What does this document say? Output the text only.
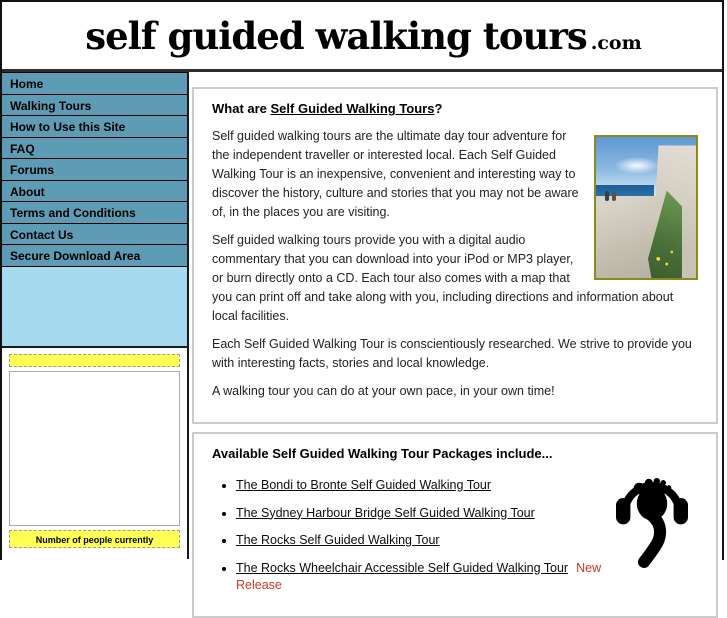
self guided walking tours .com
Home
Walking Tours
How to Use this Site
FAQ
Forums
About
Terms and Conditions
Contact Us
Secure Download Area
Number of people currently
What are Self Guided Walking Tours?

Self guided walking tours are the ultimate day tour adventure for the independent traveller or interested local. Each Self Guided Walking Tour is an inexpensive, convenient and interesting way to discover the history, culture and stories that you may not be aware of, in the places you are visiting.

Self guided walking tours provide you with a digital audio commentary that you can download into your iPod or MP3 player, or burn directly onto a CD. Each tour also comes with a map that you can print off and take along with you, including directions and information about local facilities.

Each Self Guided Walking Tour is conscientiously researched. We strive to provide you with interesting facts, stories and local knowledge.

A walking tour you can do at your own pace, in your own time!

Available Self Guided Walking Tour Packages include...
• The Bondi to Bronte Self Guided Walking Tour
• The Sydney Harbour Bridge Self Guided Walking Tour
• The Rocks Self Guided Walking Tour
• The Rocks Wheelchair Accessible Self Guided Walking Tour New Release
